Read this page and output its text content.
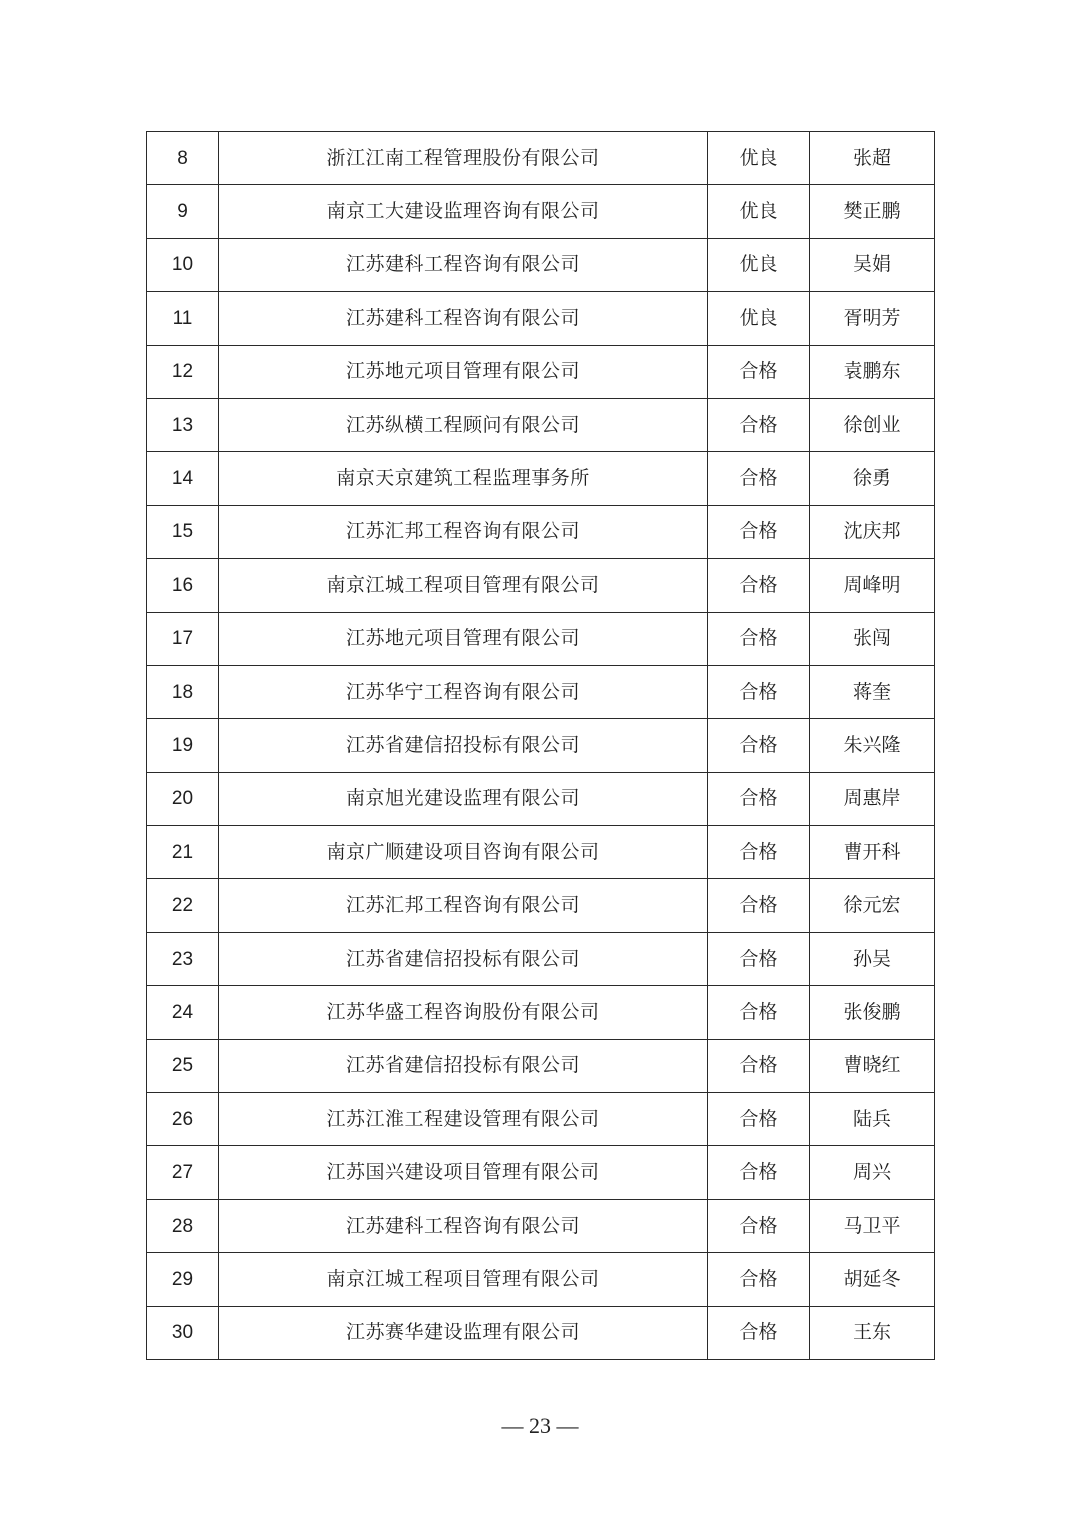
8	浙江江南工程管理股份有限公司	优良	张超
9	南京工大建设监理咨询有限公司	优良	樊正鹏
10	江苏建科工程咨询有限公司	优良	吴娟
11	江苏建科工程咨询有限公司	优良	胥明芳
12	江苏地元项目管理有限公司	合格	袁鹏东
13	江苏纵横工程顾问有限公司	合格	徐创业
14	南京天京建筑工程监理事务所	合格	徐勇
15	江苏汇邦工程咨询有限公司	合格	沈庆邦
16	南京江城工程项目管理有限公司	合格	周峰明
17	江苏地元项目管理有限公司	合格	张闯
18	江苏华宁工程咨询有限公司	合格	蒋奎
19	江苏省建信招投标有限公司	合格	朱兴隆
20	南京旭光建设监理有限公司	合格	周惠岸
21	南京广顺建设项目咨询有限公司	合格	曹开科
22	江苏汇邦工程咨询有限公司	合格	徐元宏
23	江苏省建信招投标有限公司	合格	孙吴
24	江苏华盛工程咨询股份有限公司	合格	张俊鹏
25	江苏省建信招投标有限公司	合格	曹晓红
26	江苏江淮工程建设管理有限公司	合格	陆兵
27	江苏国兴建设项目管理有限公司	合格	周兴
28	江苏建科工程咨询有限公司	合格	马卫平
29	南京江城工程项目管理有限公司	合格	胡延冬
30	江苏赛华建设监理有限公司	合格	王东
— 23 —
